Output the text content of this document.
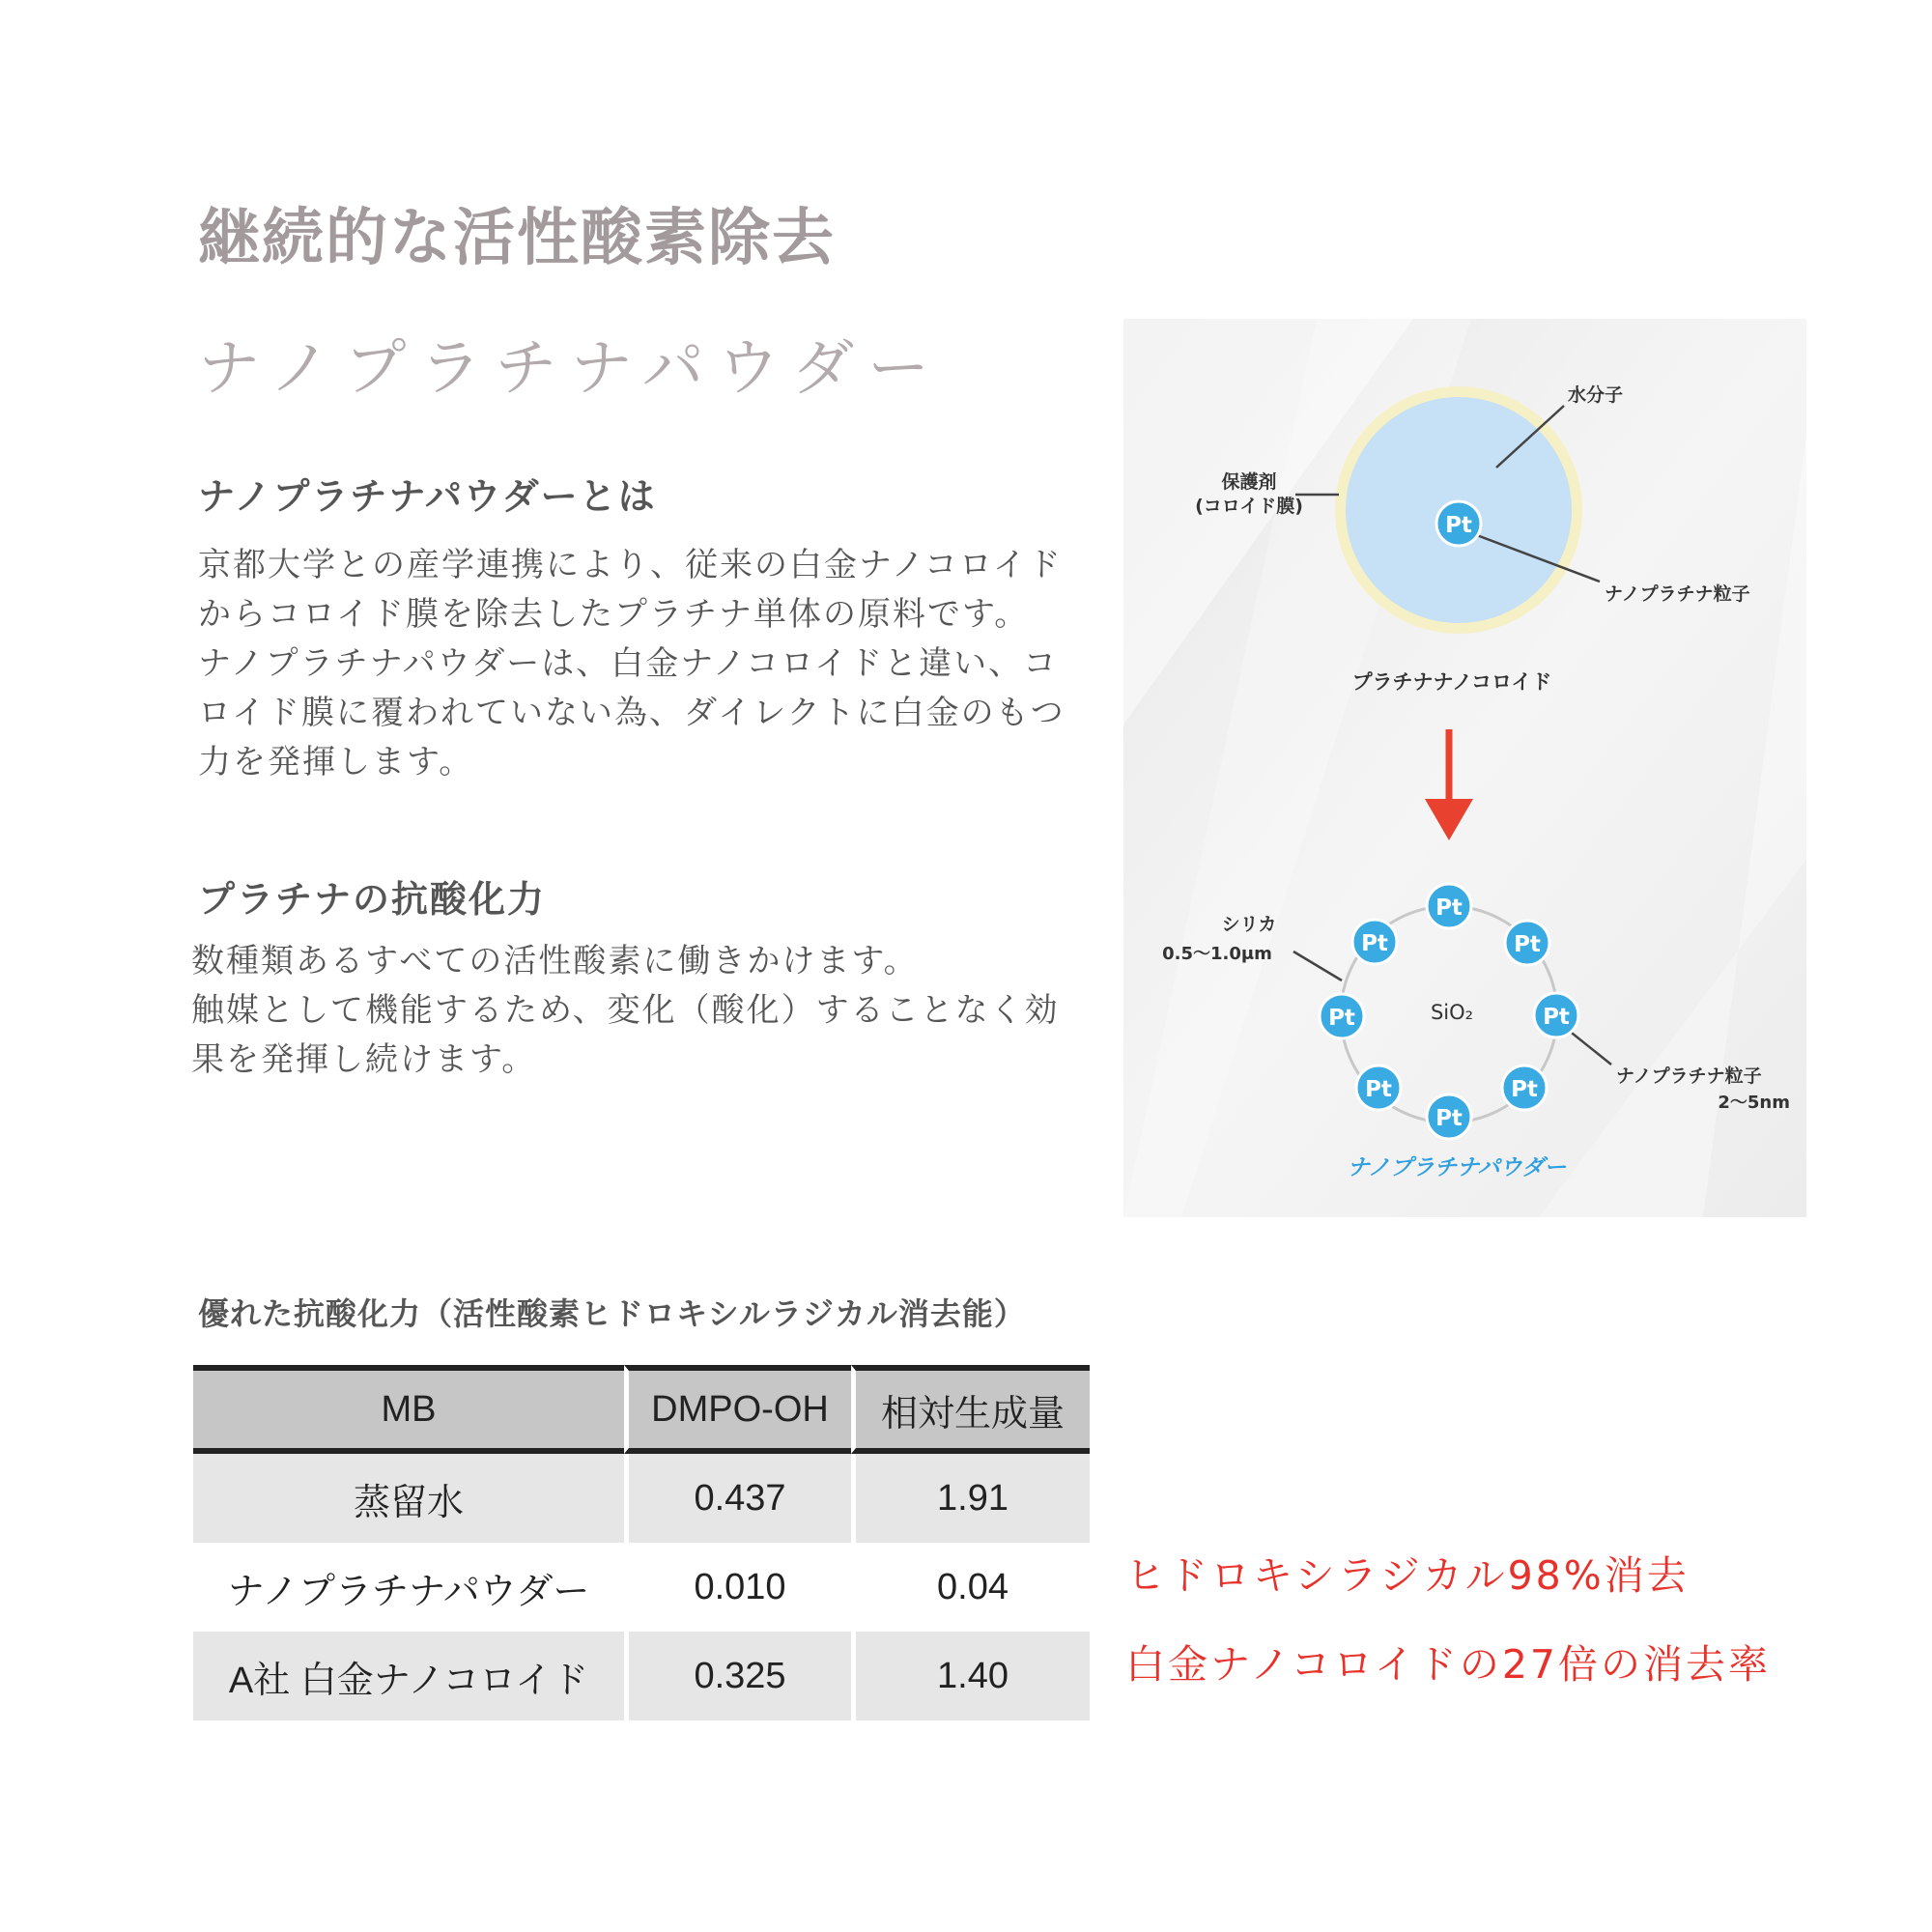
継続的な活性酸素除去
ナノプラチナパウダー
ナノプラチナパウダーとは
京都大学との産学連携により、従来の白金ナノコロイド
からコロイド膜を除去したプラチナ単体の原料です。
ナノプラチナパウダーは、白金ナノコロイドと違い、コ
ロイド膜に覆われていない為、ダイレクトに白金のもつ
力を発揮します。
プラチナの抗酸化力
数種類あるすべての活性酸素に働きかけます。
触媒として機能するため、変化（酸化）することなく効
果を発揮し続けます。
Pt
水分子
保護剤
(コロイド膜)
ナノプラチナ粒子
プラチナナノコロイド
SiO₂
シリカ
0.5～1.0μm
ナノプラチナ粒子
2～5nm
Pt
Pt
Pt
Pt
Pt
Pt
Pt
Pt
ナノプラチナパウダー
優れた抗酸化力（活性酸素ヒドロキシルラジカル消去能）
MB	DMPO-OH	相対生成量
蒸留水	0.437	1.91
ナノプラチナパウダー	0.010	0.04
A社 白金ナノコロイド	0.325	1.40
ヒドロキシラジカル98%消去
白金ナノコロイドの27倍の消去率
